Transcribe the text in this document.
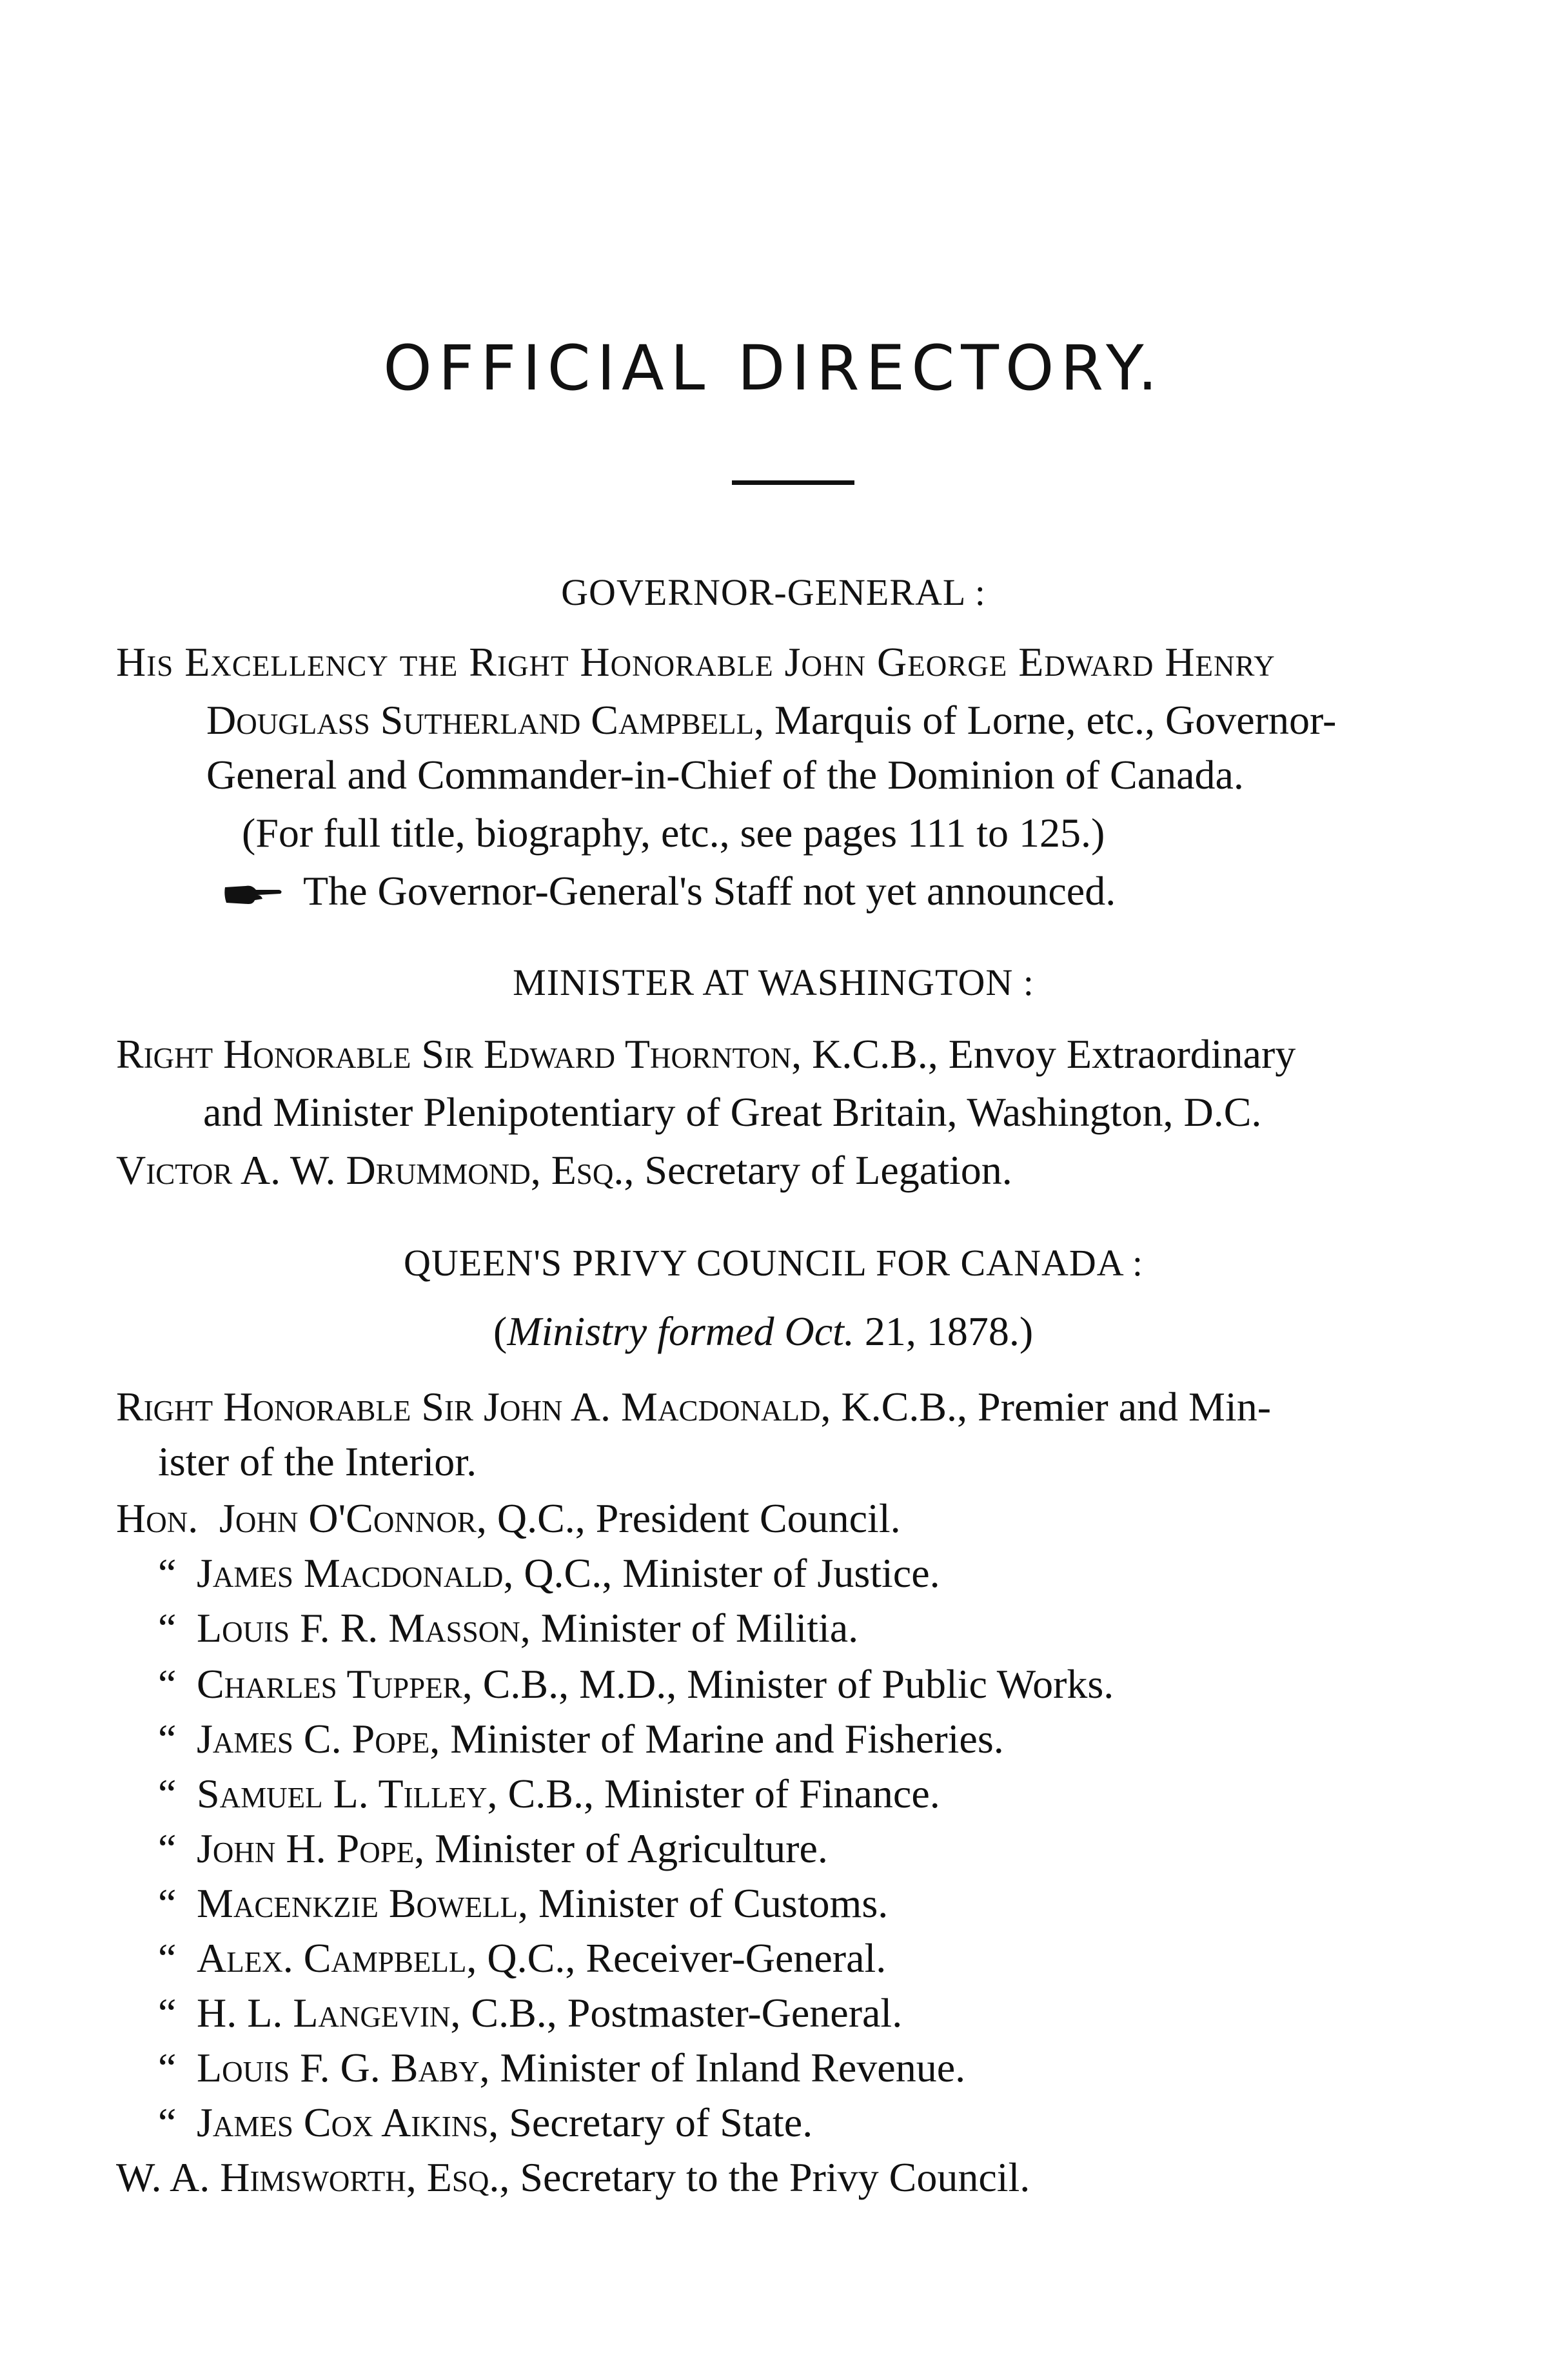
OFFICIAL DIRECTORY.
GOVERNOR-GENERAL :
His Excellency the Right Honorable John George Edward Henry
Douglass Sutherland Campbell, Marquis of Lorne, etc., Governor-
General and Commander-in-Chief of the Dominion of Canada.
(For full title, biography, etc., see pages 111 to 125.)
The Governor-General's Staff not yet announced.
MINISTER AT WASHINGTON :
Right Honorable Sir Edward Thornton, K.C.B., Envoy Extraordinary
and Minister Plenipotentiary of Great Britain, Washington, D.C.
Victor A. W. Drummond, Esq., Secretary of Legation.
QUEEN'S PRIVY COUNCIL FOR CANADA :
(Ministry formed Oct. 21, 1878.)
Right Honorable Sir John A. Macdonald, K.C.B., Premier and Min-
ister of the Interior.
Hon. John O'Connor, Q.C., President Council.
“ James Macdonald, Q.C., Minister of Justice.
“ Louis F. R. Masson, Minister of Militia.
“ Charles Tupper, C.B., M.D., Minister of Public Works.
“ James C. Pope, Minister of Marine and Fisheries.
“ Samuel L. Tilley, C.B., Minister of Finance.
“ John H. Pope, Minister of Agriculture.
“ Macenkzie Bowell, Minister of Customs.
“ Alex. Campbell, Q.C., Receiver-General.
“ H. L. Langevin, C.B., Postmaster-General.
“ Louis F. G. Baby, Minister of Inland Revenue.
“ James Cox Aikins, Secretary of State.
W. A. Himsworth, Esq., Secretary to the Privy Council.
